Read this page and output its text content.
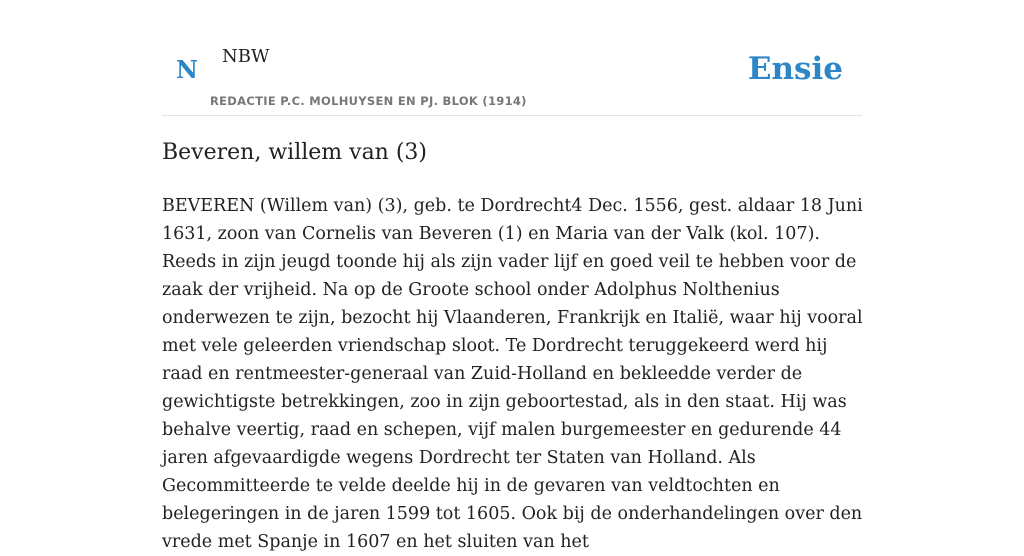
N NBW
REDACTIE P.C. MOLHUYSEN EN PJ. BLOK (1914)
Ensie
Beveren, willem van (3)

BEVEREN (Willem van) (3), geb. te Dordrecht4 Dec. 1556, gest. aldaar 18 Juni 1631, zoon van Cornelis van Beveren (1) en Maria van der Valk (kol. 107). Reeds in zijn jeugd toonde hij als zijn vader lijf en goed veil te hebben voor de zaak der vrijheid. Na op de Groote school onder Adolphus Nolthenius onderwezen te zijn, bezocht hij Vlaanderen, Frankrijk en Italië, waar hij vooral met vele geleerden vriendschap sloot. Te Dordrecht teruggekeerd werd hij raad en rentmeester-generaal van Zuid-Holland en bekleedde verder de gewichtigste betrekkingen, zoo in zijn geboortestad, als in den staat. Hij was behalve veertig, raad en schepen, vijf malen burgemeester en gedurende 44 jaren afgevaardigde wegens Dordrecht ter Staten van Holland. Als Gecommitteerde te velde deelde hij in de gevaren van veldtochten en belegeringen in de jaren 1599 tot 1605. Ook bij de onderhandelingen over den vrede met Spanje in 1607 en het sluiten van het
